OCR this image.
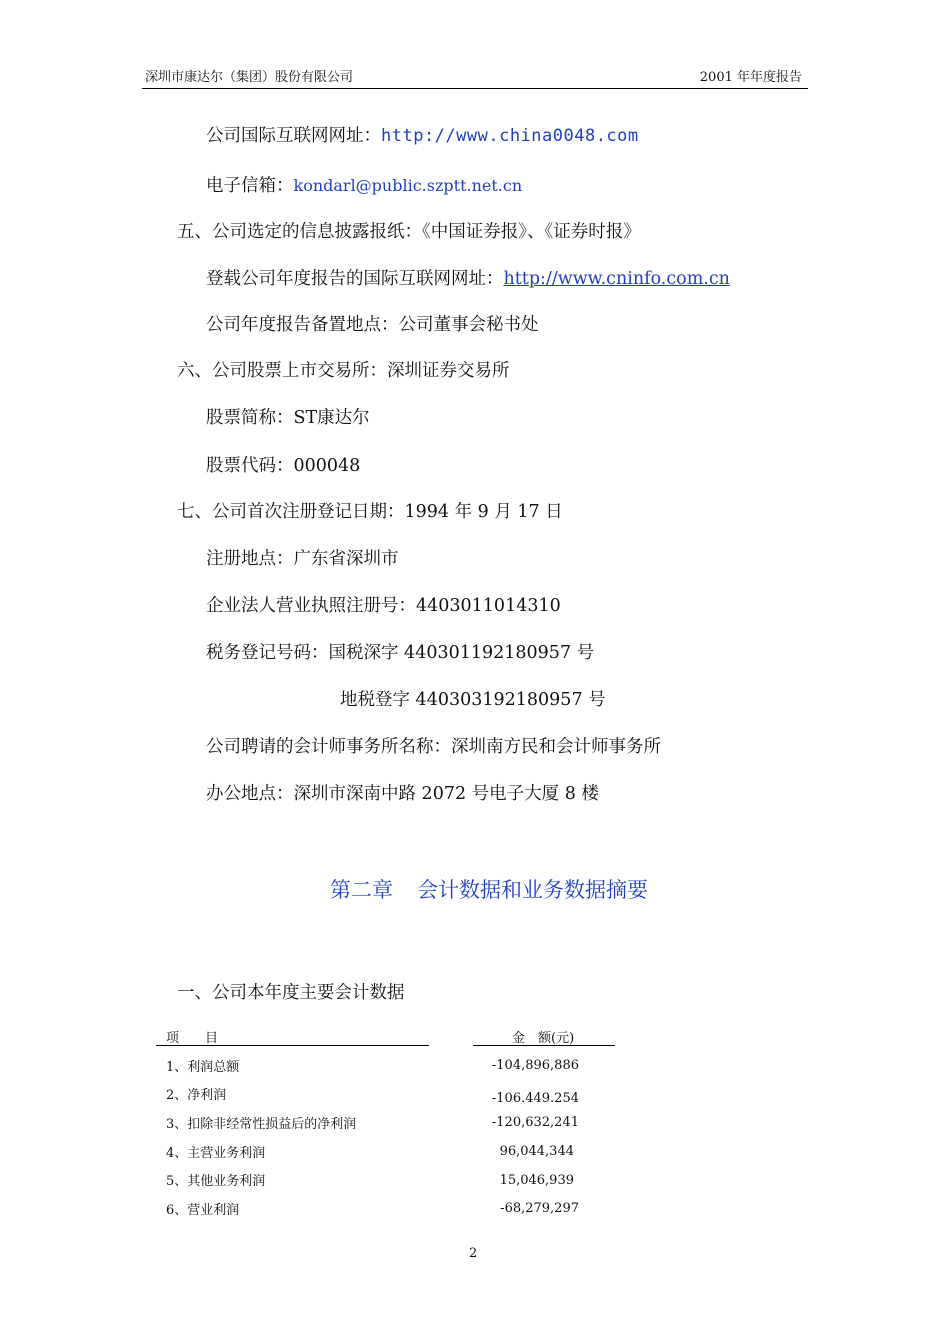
深圳市康达尔（集团）股份有限公司	2001 年年度报告
公司国际互联网网址：http://www.china0048.com
电子信箱：kondarl@public.szptt.net.cn
五、公司选定的信息披露报纸：《中国证券报》、《证券时报》
登载公司年度报告的国际互联网网址：http://www.cninfo.com.cn
公司年度报告备置地点：公司董事会秘书处
六、公司股票上市交易所：深圳证券交易所
股票简称：ST康达尔
股票代码：000048
七、公司首次注册登记日期：1994 年 9 月 17 日
注册地点：广东省深圳市
企业法人营业执照注册号：4403011014310
税务登记号码：国税深字 440301192180957 号
地税登字 440303192180957 号
公司聘请的会计师事务所名称：深圳南方民和会计师事务所
办公地点：深圳市深南中路 2072 号电子大厦 8 楼
第二章 会计数据和业务数据摘要
一、公司本年度主要会计数据
项　　目	金　额(元)
1、利润总额	-104,896,886
2、净利润	-106.449.254
3、扣除非经常性损益后的净利润	-120,632,241
4、主营业务利润	96,044,344
5、其他业务利润	15,046,939
6、营业利润	-68,279,297
2
